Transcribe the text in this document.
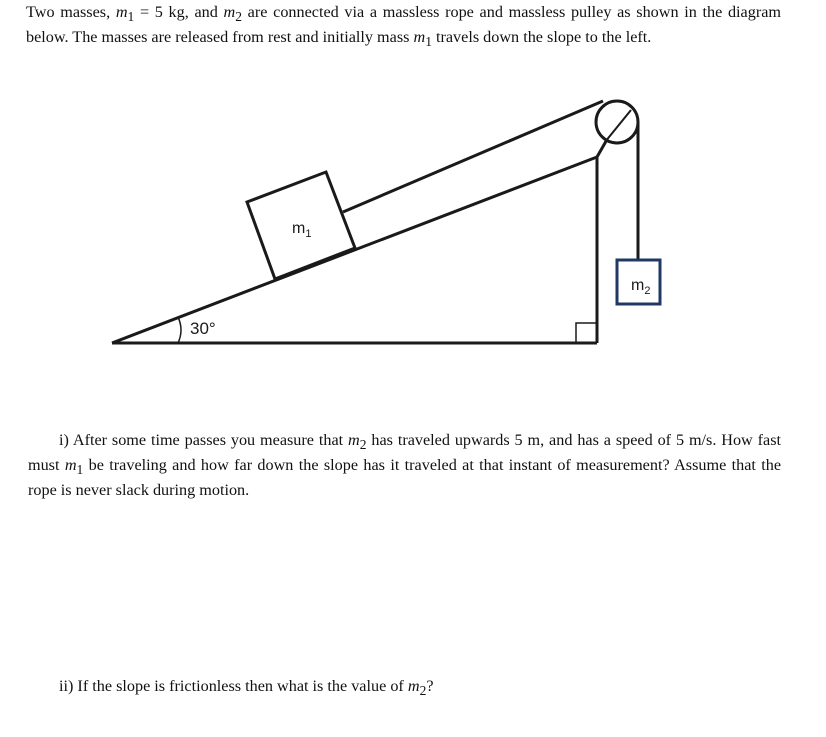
Two masses, $m_1 = 5$ kg, and $m_2$ are connected via a massless rope and massless pulley as shown in the diagram below. The masses are released from rest and initially mass $m_1$ travels down the slope to the left.
30°
$m_1$
$m_2$
i) After some time passes you measure that $m_2$ has traveled upwards 5 m, and has a speed of 5 m/s. How fast must $m_1$ be traveling and how far down the slope has it traveled at that instant of measurement? Assume that the rope is never slack during motion.
ii) If the slope is frictionless then what is the value of $m_2$?
